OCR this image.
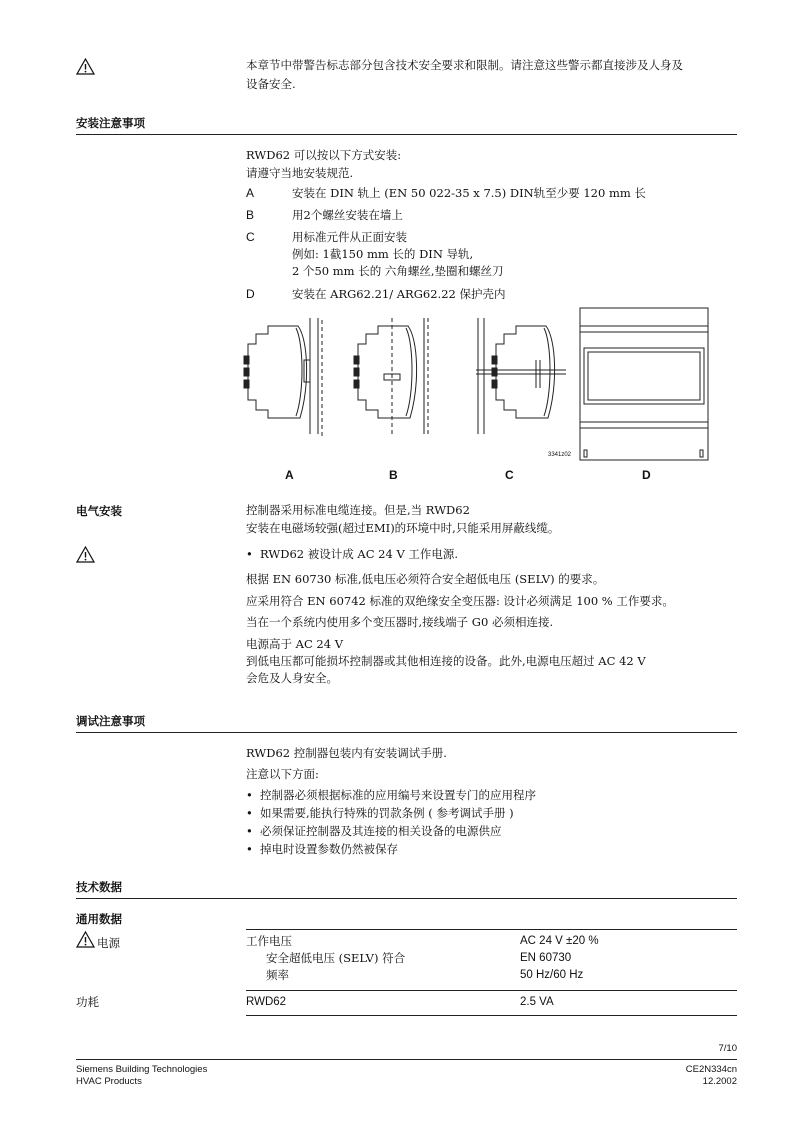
本章节中带警告标志部分包含技术安全要求和限制。请注意这些警示都直接涉及人身及
设备安全.
安装注意事项
RWD62 可以按以下方式安装:
请遵守当地安装规范.
A	安装在 DIN 轨上 (EN 50 022-35 x 7.5) DIN轨至少要 120 mm 长
B	用2个螺丝安装在墙上
C	用标准元件从正面安装
例如: 1截150 mm 长的 DIN 导轨,
2 个50 mm 长的 六角螺丝,垫圈和螺丝刀
D	安装在 ARG62.21/ ARG62.22 保护壳内
3341z02
A	B	C	D
电气安装	控制器采用标准电缆连接。但是,当 RWD62
安装在电磁场较强(超过EMI)的环境中时,只能采用屏蔽线缆。
• RWD62 被设计成 AC 24 V 工作电源.
根据 EN 60730 标准,低电压必须符合安全超低电压 (SELV) 的要求。
应采用符合 EN 60742 标准的双绝缘安全变压器: 设计必须满足 100 % 工作要求。
当在一个系统内使用多个变压器时,接线端子 G0 必须相连接.
电源高于 AC 24 V
到低电压都可能损坏控制器或其他相连接的设备。此外,电源电压超过 AC 42 V
会危及人身安全。
调试注意事项
RWD62 控制器包装内有安装调试手册.
注意以下方面:
• 控制器必须根据标准的应用编号来设置专门的应用程序
• 如果需要,能执行特殊的罚款条例 ( 参考调试手册 )
• 必须保证控制器及其连接的相关设备的电源供应
• 掉电时设置参数仍然被保存
技术数据
通用数据
电源	工作电压	AC 24 V ±20 %
安全超低电压 (SELV) 符合	EN 60730
频率	50 Hz/60 Hz
功耗	RWD62	2.5 VA
7/10
Siemens Building Technologies
HVAC Products
CE2N334cn
12.2002
